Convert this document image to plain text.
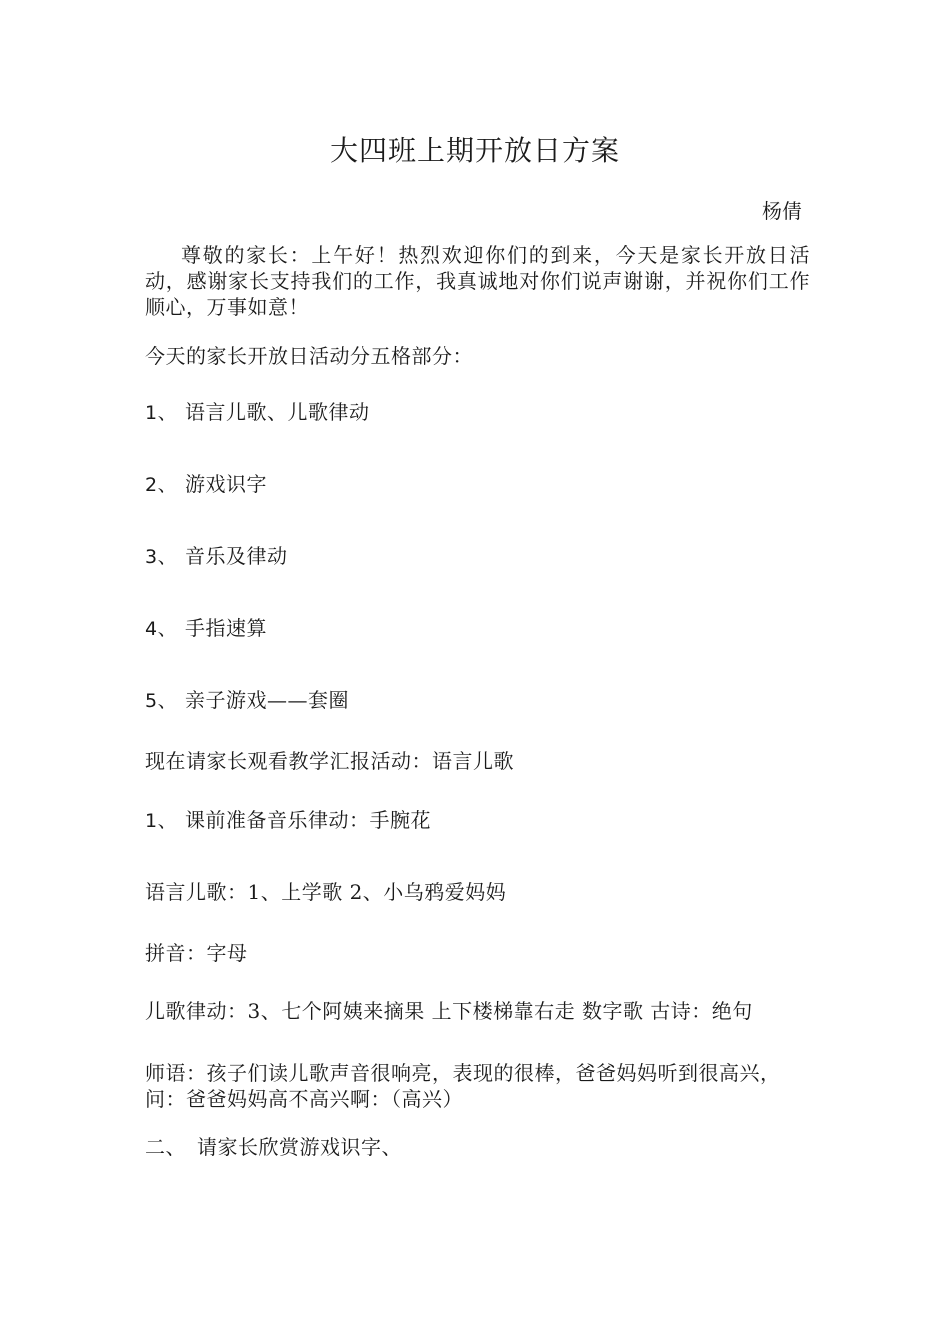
大四班上期开放日方案
杨倩
尊敬的家长：上午好！热烈欢迎你们的到来，今天是家长开放日活动，感谢家长支持我们的工作，我真诚地对你们说声谢谢，并祝你们工作顺心，万事如意！
今天的家长开放日活动分五格部分：
1、 语言儿歌、儿歌律动
2、 游戏识字
3、 音乐及律动
4、 手指速算
5、 亲子游戏——套圈
现在请家长观看教学汇报活动：语言儿歌
1、 课前准备音乐律动：手腕花
语言儿歌：1、上学歌 2、小乌鸦爱妈妈
拼音：字母
儿歌律动：3、七个阿姨来摘果 上下楼梯靠右走 数字歌 古诗：绝句
师语：孩子们读儿歌声音很响亮，表现的很棒，爸爸妈妈听到很高兴，
问：爸爸妈妈高不高兴啊：（高兴）
二、 请家长欣赏游戏识字、
